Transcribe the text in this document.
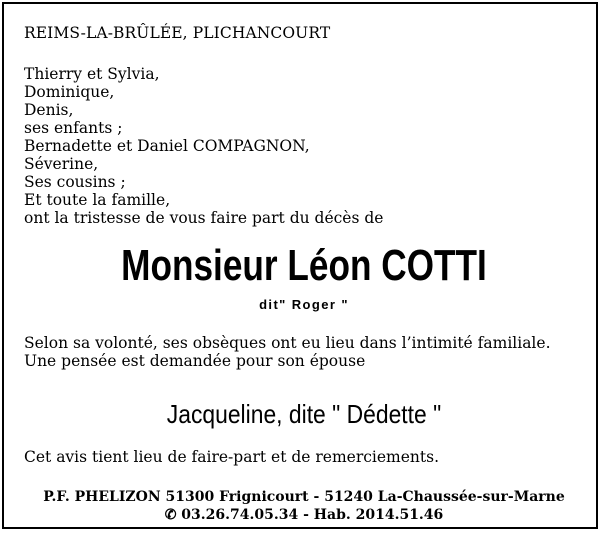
REIMS-LA-BRÛLÉE, PLICHANCOURT
Thierry et Sylvia,
Dominique,
Denis,
ses enfants ;
Bernadette et Daniel COMPAGNON,
Séverine,
Ses cousins ;
Et toute la famille,
ont la tristesse de vous faire part du décès de
Monsieur Léon COTTI
dit" Roger "

Selon sa volonté, ses obsèques ont eu lieu dans l’intimité familiale.

Une pensée est demandée pour son épouse

Jacqueline, dite " Dédette "
Cet avis tient lieu de faire-part et de remerciements.
P.F. PHELIZON 51300 Frignicourt - 51240 La-Chaussée-sur-Marne
✆ 03.26.74.05.34 - Hab. 2014.51.46
